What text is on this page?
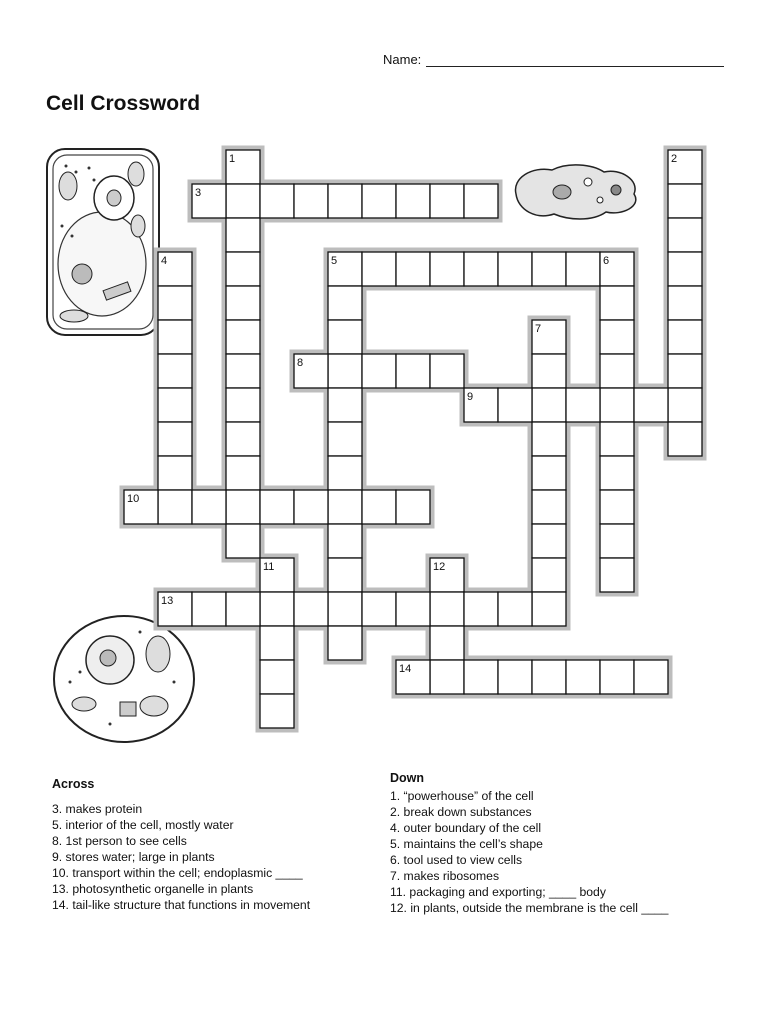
Name:
Cell Crossword
1	2
3
4	5	6
7
8
9
10
11	12
13
14
Across
3. makes protein
5. interior of the cell, mostly water
8. 1st person to see cells
9. stores water; large in plants
10. transport within the cell; endoplasmic ____
13. photosynthetic organelle in plants
14. tail-like structure that functions in movement
Down
1. “powerhouse” of the cell
2. break down substances
4. outer boundary of the cell
5. maintains the cell’s shape
6. tool used to view cells
7. makes ribosomes
11. packaging and exporting; ____ body
12. in plants, outside the membrane is the cell ____
